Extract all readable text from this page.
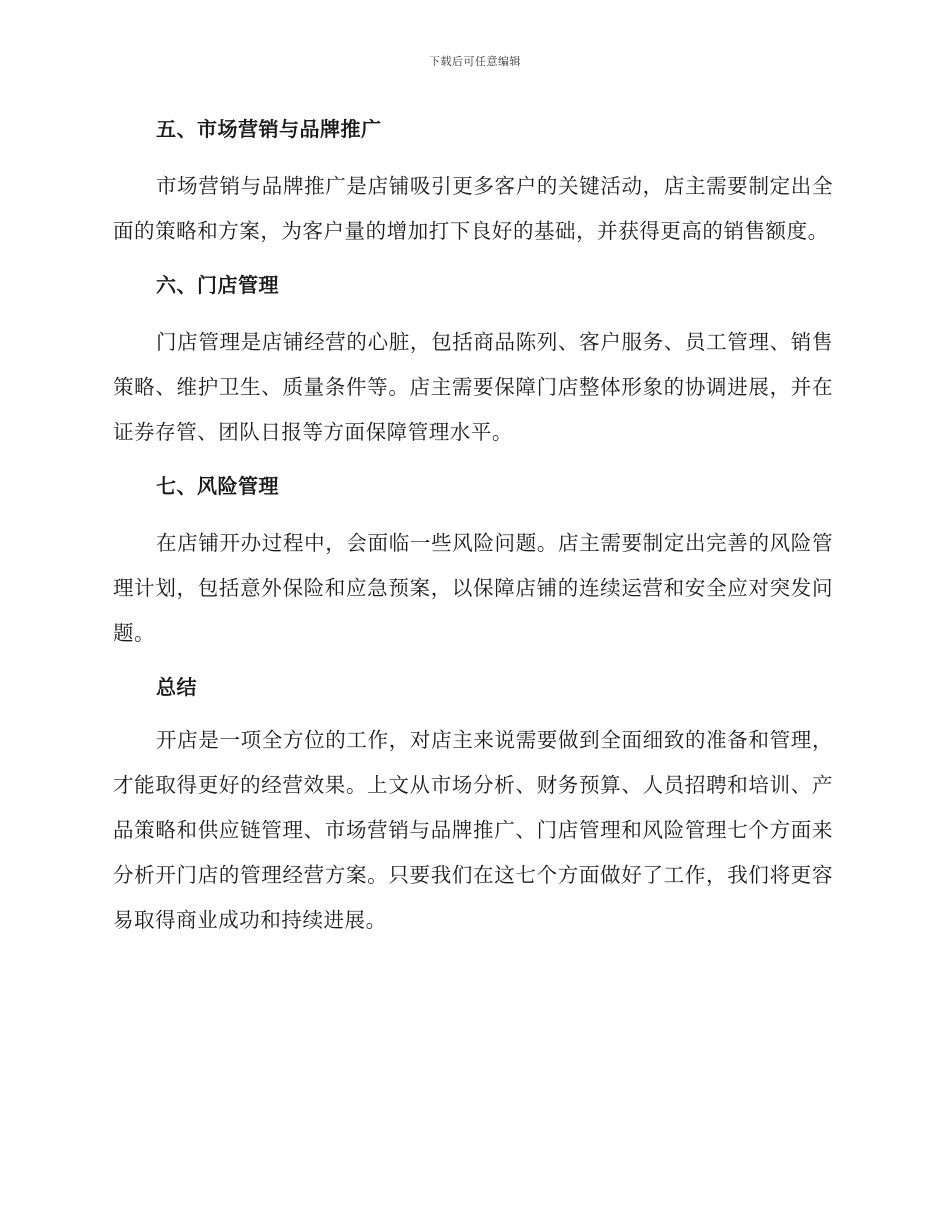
下载后可任意编辑
五、市场营销与品牌推广

市场营销与品牌推广是店铺吸引更多客户的关键活动，店主需要制定出全面的策略和方案，为客户量的增加打下良好的基础，并获得更高的销售额度。

六、门店管理

门店管理是店铺经营的心脏，包括商品陈列、客户服务、员工管理、销售策略、维护卫生、质量条件等。店主需要保障门店整体形象的协调进展，并在证券存管、团队日报等方面保障管理水平。

七、风险管理

在店铺开办过程中，会面临一些风险问题。店主需要制定出完善的风险管理计划，包括意外保险和应急预案，以保障店铺的连续运营和安全应对突发问题。

总结

开店是一项全方位的工作，对店主来说需要做到全面细致的准备和管理，才能取得更好的经营效果。上文从市场分析、财务预算、人员招聘和培训、产品策略和供应链管理、市场营销与品牌推广、门店管理和风险管理七个方面来分析开门店的管理经营方案。只要我们在这七个方面做好了工作，我们将更容易取得商业成功和持续进展。
